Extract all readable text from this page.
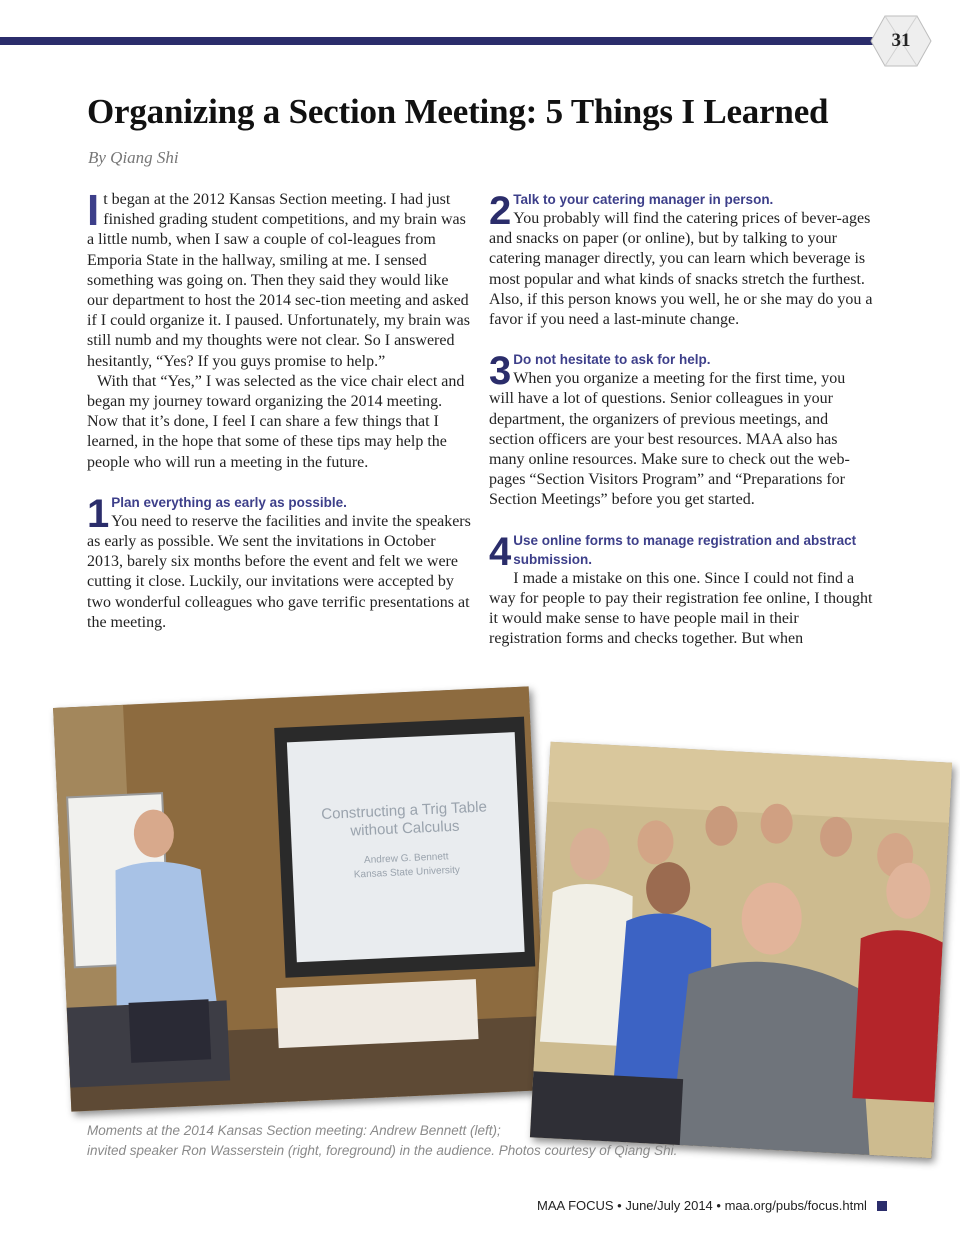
31
Organizing a Section Meeting: 5 Things I Learned
By Qiang Shi

It began at the 2012 Kansas Section meeting. I had just finished grading student competitions, and my brain was a little numb, when I saw a couple of col-leagues from Emporia State in the hallway, smiling at me. I sensed something was going on. Then they said they would like our department to host the 2014 sec-tion meeting and asked if I could organize it. I paused. Unfortunately, my brain was still numb and my thoughts were not clear. So I answered hesitantly, “Yes? If you guys promise to help.”

With that “Yes,” I was selected as the vice chair elect and began my journey toward organizing the 2014 meeting. Now that it’s done, I feel I can share a few things that I learned, in the hope that some of these tips may help the people who will run a meeting in the future.

1 Plan everything as early as possible.
You need to reserve the facilities and invite the speakers as early as possible. We sent the invitations in October 2013, barely six months before the event and felt we were cutting it close. Luckily, our invitations were accepted by two wonderful colleagues who gave terrific presentations at the meeting.
2 Talk to your catering manager in person.
You probably will find the catering prices of bever-ages and snacks on paper (or online), but by talking to your catering manager directly, you can learn which beverage is most popular and what kinds of snacks stretch the furthest. Also, if this person knows you well, he or she may do you a favor if you need a last-minute change.
3 Do not hesitate to ask for help.
When you organize a meeting for the first time, you will have a lot of questions. Senior colleagues in your department, the organizers of previous meetings, and section officers are your best resources. MAA also has many online resources. Make sure to check out the web-pages “Section Visitors Program” and “Preparations for Section Meetings” before you get started.
4 Use online forms to manage registration and abstract submission.
I made a mistake on this one. Since I could not find a way for people to pay their registration fee online, I thought it would make sense to have people mail in their registration forms and checks together. But when
Constructing a Trig Table
without Calculus
Andrew G. Bennett
Kansas State University

Moments at the 2014 Kansas Section meeting: Andrew Bennett (left);

invited speaker Ron Wasserstein (right, foreground) in the audience. Photos courtesy of Qiang Shi.

MAA FOCUS • June/July 2014 • maa.org/pubs/focus.html
